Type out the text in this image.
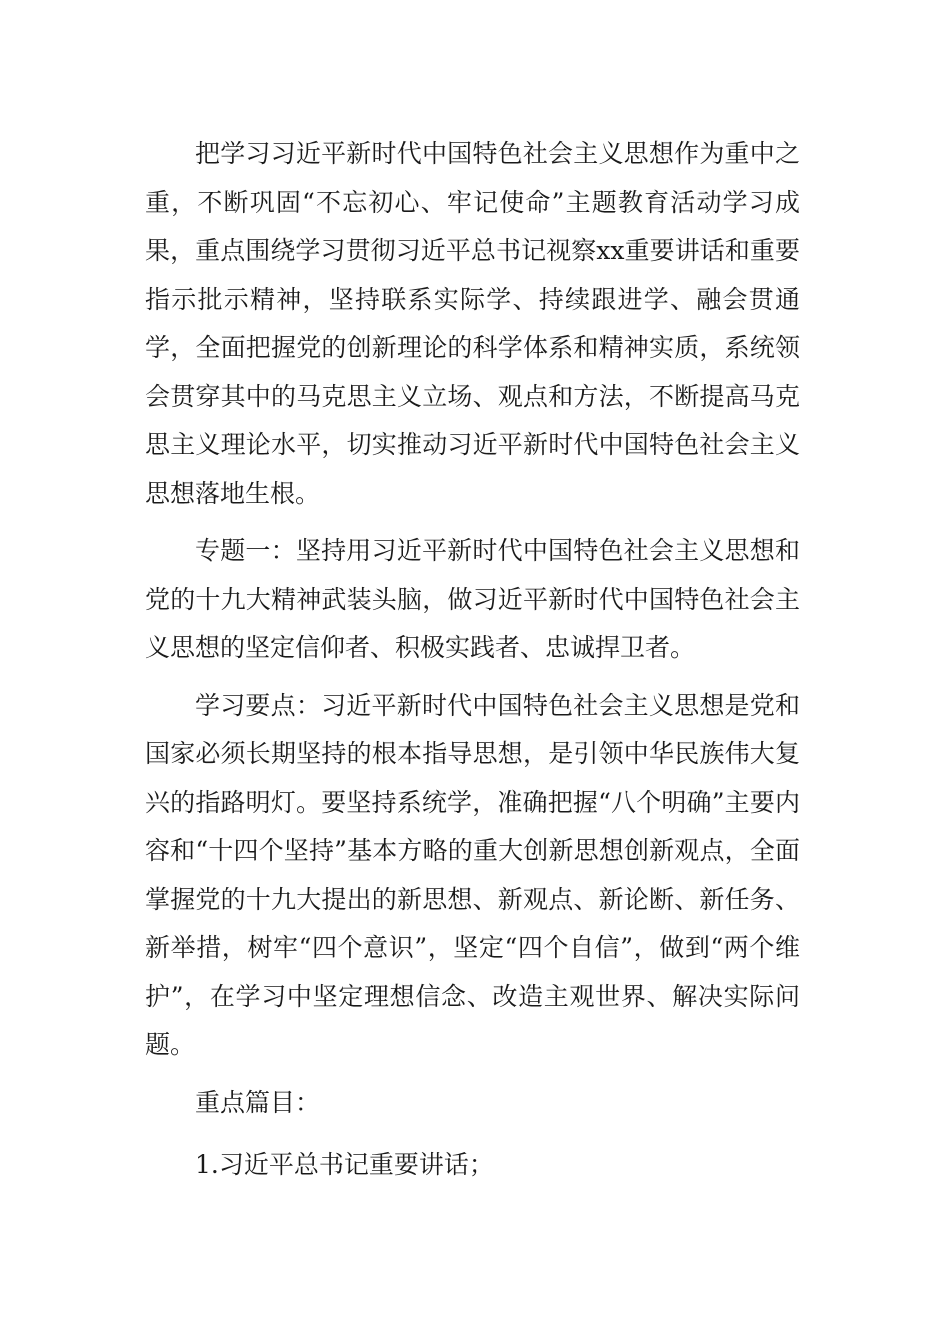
把学习习近平新时代中国特色社会主义思想作为重中之重，不断巩固“不忘初心、牢记使命”主题教育活动学习成果，重点围绕学习贯彻习近平总书记视察xx重要讲话和重要指示批示精神，坚持联系实际学、持续跟进学、融会贯通学，全面把握党的创新理论的科学体系和精神实质，系统领会贯穿其中的马克思主义立场、观点和方法，不断提高马克思主义理论水平，切实推动习近平新时代中国特色社会主义思想落地生根。

专题一：坚持用习近平新时代中国特色社会主义思想和党的十九大精神武装头脑，做习近平新时代中国特色社会主义思想的坚定信仰者、积极实践者、忠诚捍卫者。

学习要点：习近平新时代中国特色社会主义思想是党和国家必须长期坚持的根本指导思想，是引领中华民族伟大复兴的指路明灯。要坚持系统学，准确把握“八个明确”主要内容和“十四个坚持”基本方略的重大创新思想创新观点，全面掌握党的十九大提出的新思想、新观点、新论断、新任务、新举措，树牢“四个意识”，坚定“四个自信”，做到“两个维护”，在学习中坚定理想信念、改造主观世界、解决实际问题。

重点篇目：

1.习近平总书记重要讲话；
